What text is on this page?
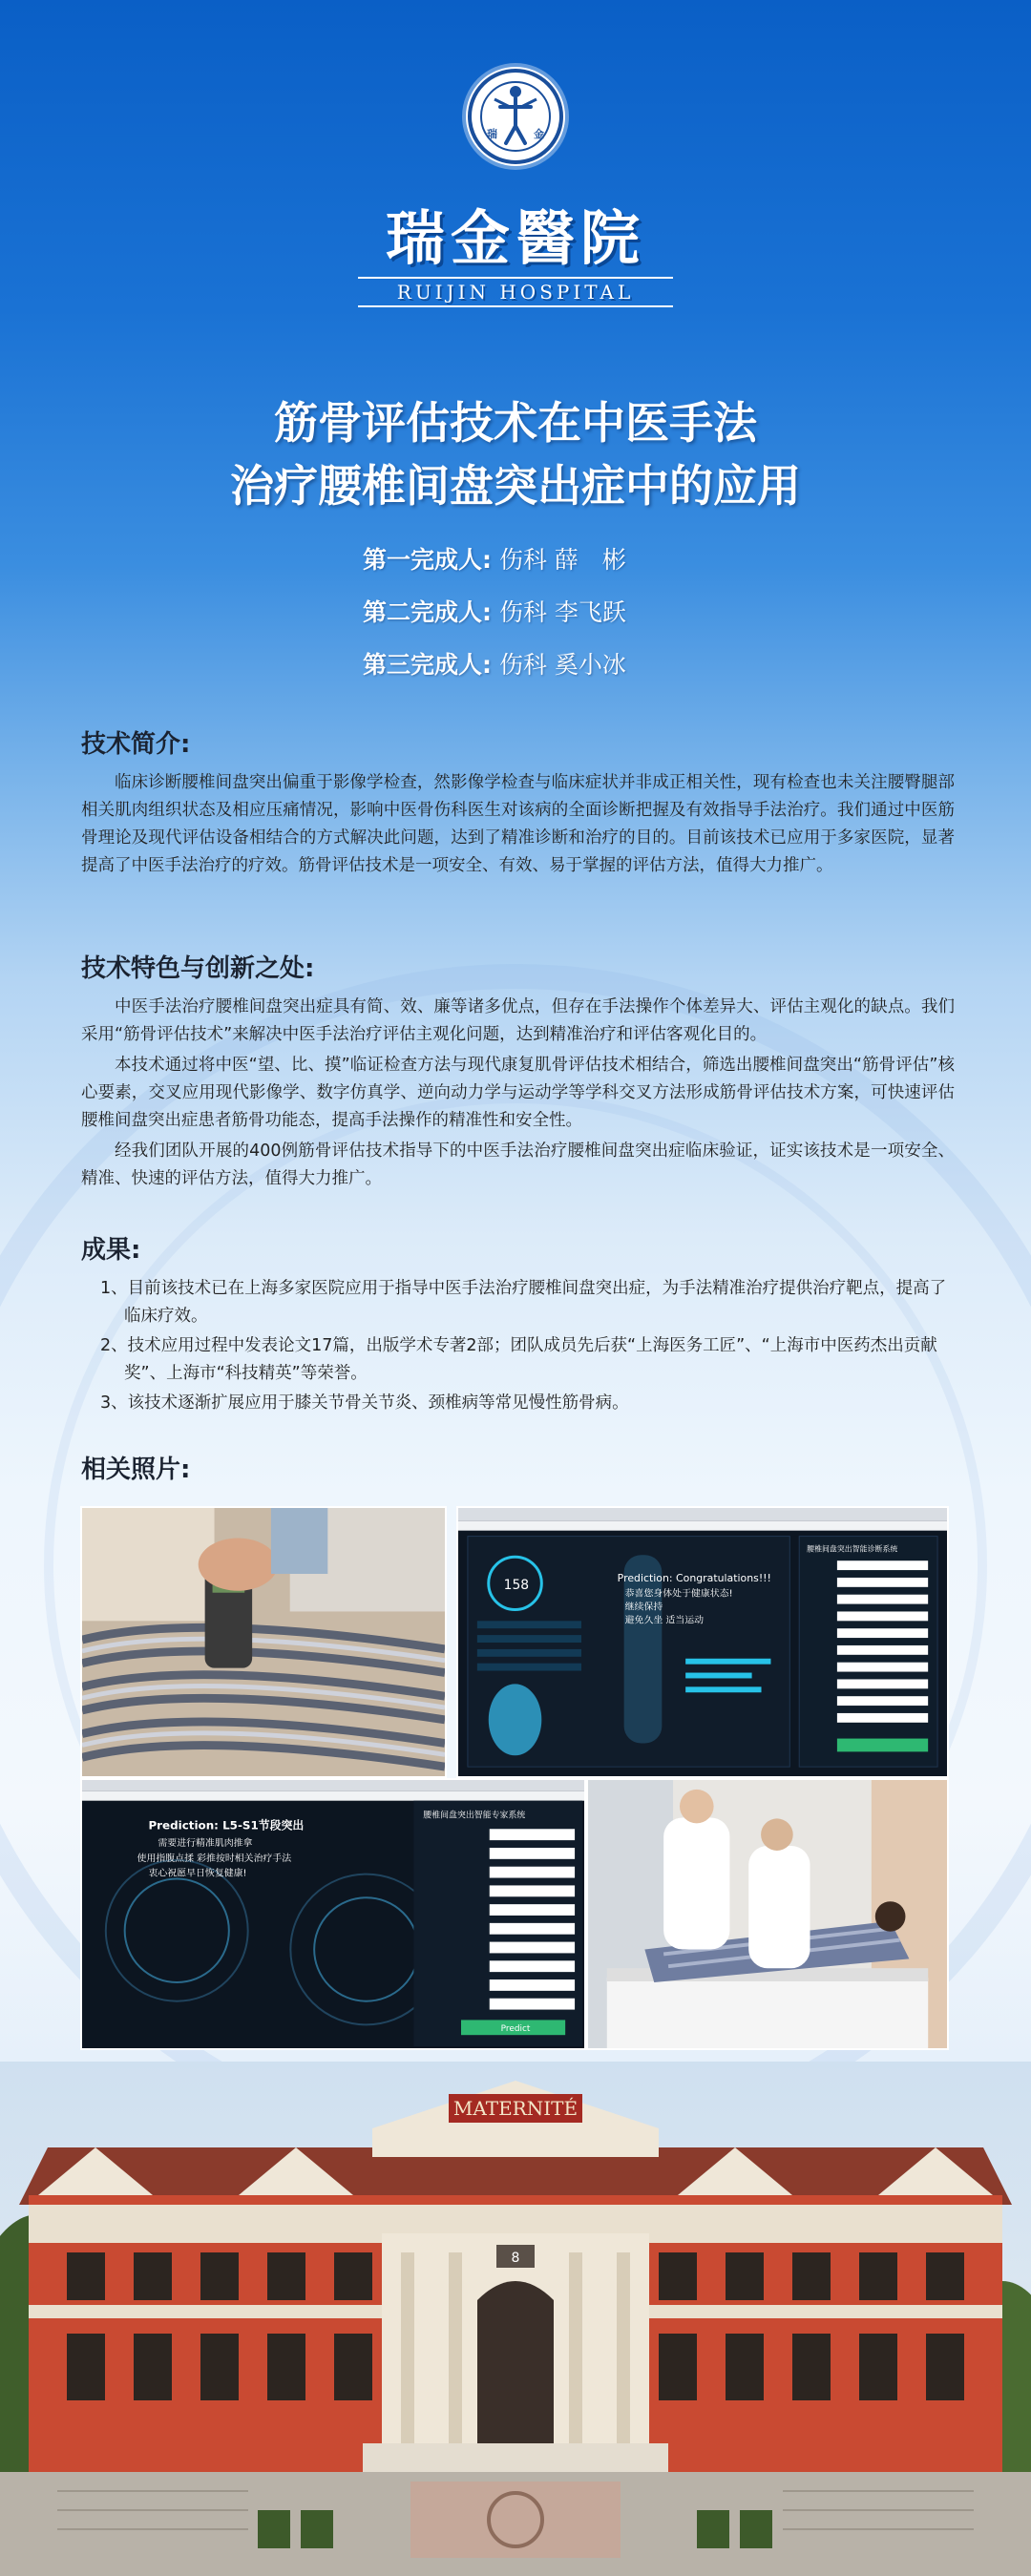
瑞	金
瑞金醫院
RUIJIN HOSPITAL
筋骨评估技术在中医手法
治疗腰椎间盘突出症中的应用
第一完成人: 伤科 薛　彬
第二完成人: 伤科 李飞跃
第三完成人: 伤科 奚小冰
技术简介:

临床诊断腰椎间盘突出偏重于影像学检查，然影像学检查与临床症状并非成正相关性，现有检查也未关注腰臀腿部相关肌肉组织状态及相应压痛情况，影响中医骨伤科医生对该病的全面诊断把握及有效指导手法治疗。我们通过中医筋骨理论及现代评估设备相结合的方式解决此问题，达到了精准诊断和治疗的目的。目前该技术已应用于多家医院，显著提高了中医手法治疗的疗效。筋骨评估技术是一项安全、有效、易于掌握的评估方法，值得大力推广。

技术特色与创新之处:

中医手法治疗腰椎间盘突出症具有简、效、廉等诸多优点，但存在手法操作个体差异大、评估主观化的缺点。我们采用“筋骨评估技术”来解决中医手法治疗评估主观化问题，达到精准治疗和评估客观化目的。

本技术通过将中医“望、比、摸”临证检查方法与现代康复肌骨评估技术相结合，筛选出腰椎间盘突出“筋骨评估”核心要素，交叉应用现代影像学、数字仿真学、逆向动力学与运动学等学科交叉方法形成筋骨评估技术方案，可快速评估腰椎间盘突出症患者筋骨功能态，提高手法操作的精准性和安全性。

经我们团队开展的400例筋骨评估技术指导下的中医手法治疗腰椎间盘突出症临床验证，证实该技术是一项安全、精准、快速的评估方法，值得大力推广。

成果:
1、目前该技术已在上海多家医院应用于指导中医手法治疗腰椎间盘突出症，为手法精准治疗提供治疗靶点，提高了临床疗效。
2、技术应用过程中发表论文17篇，出版学术专著2部；团队成员先后获“上海医务工匠”、“上海市中医药杰出贡献奖”、上海市“科技精英”等荣誉。
3、该技术逐渐扩展应用于膝关节骨关节炎、颈椎病等常见慢性筋骨病。
相关照片:
158	Prediction: Congratulations!!!
恭喜您身体处于健康状态!
继续保持
避免久坐 适当运动
腰椎间盘突出智能诊断系统
Prediction: L5-S1节段突出
需要进行精准肌肉推拿
使用指腹点揉 彩推按时相关治疗手法
衷心祝愿早日恢复健康!
腰椎间盘突出智能专家系统
Predict
MATERNITÉ
8
